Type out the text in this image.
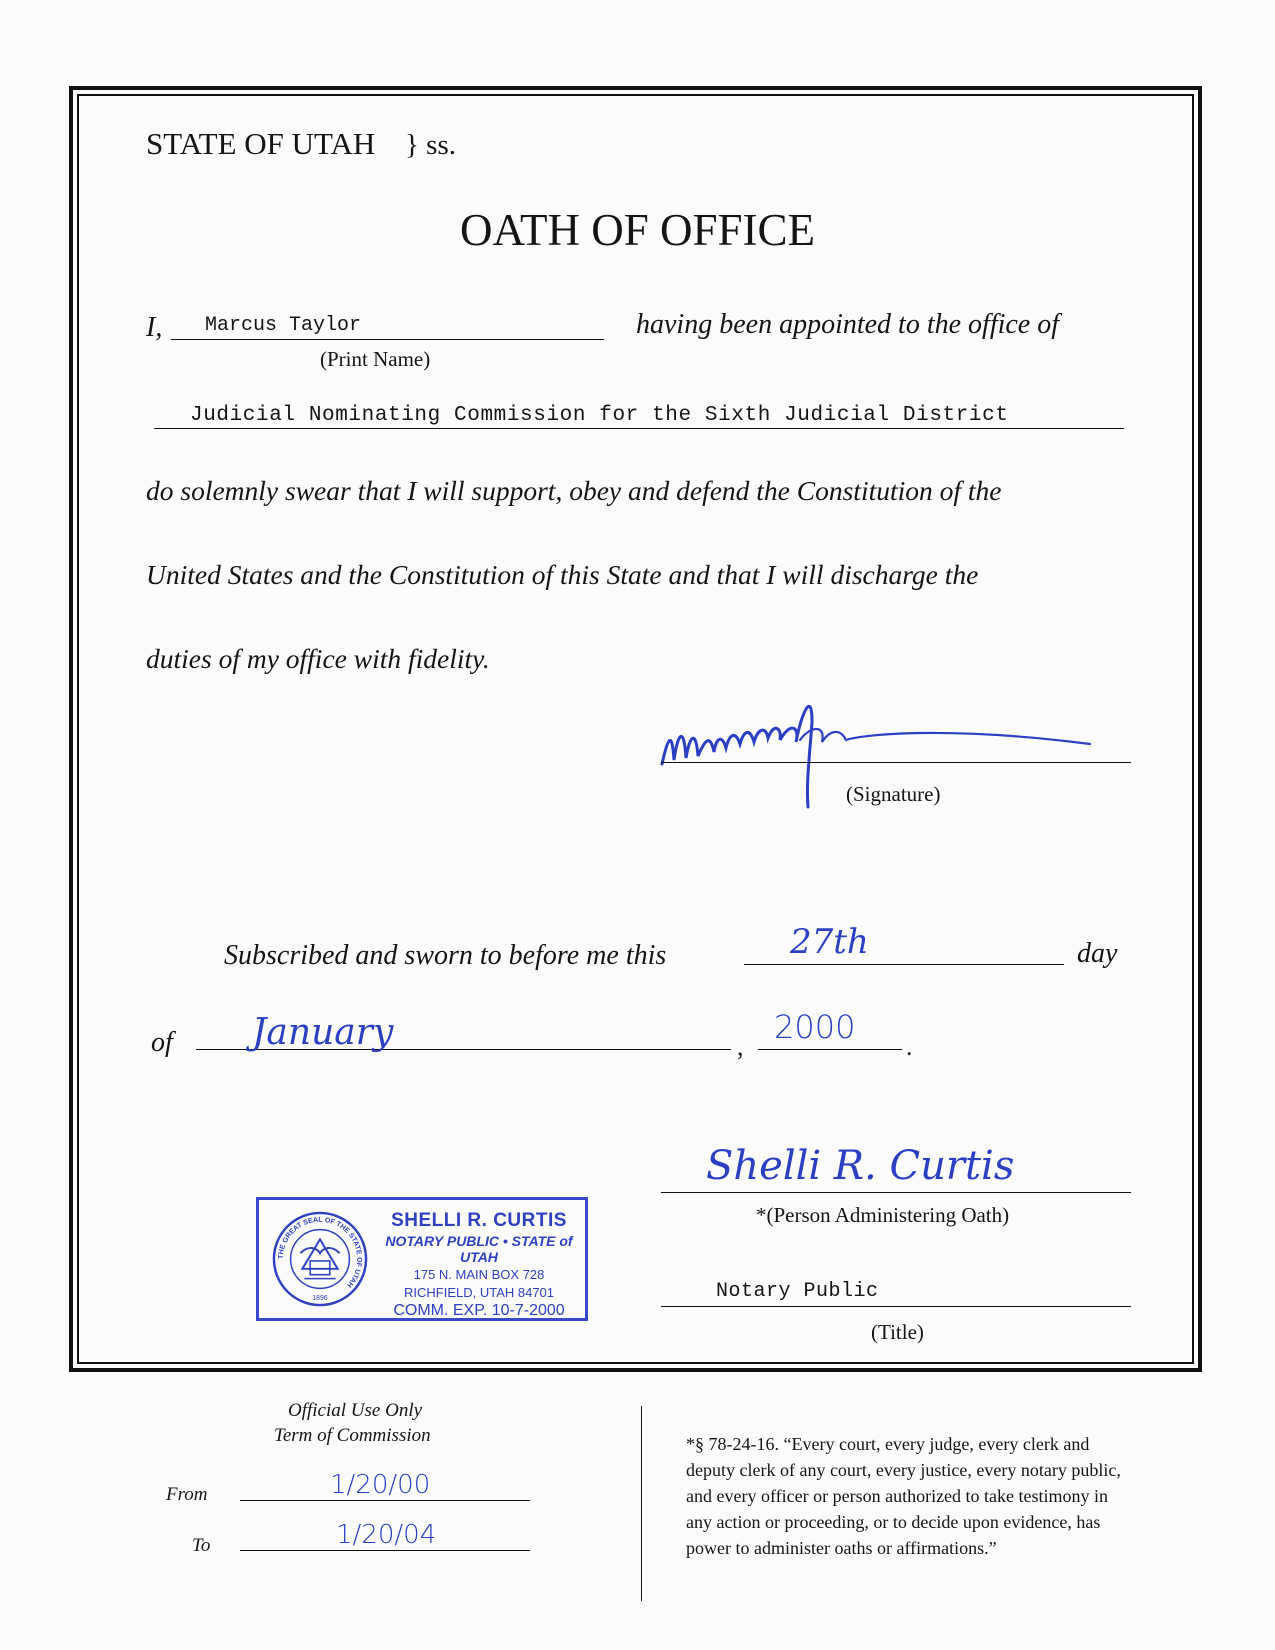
STATE OF UTAH } ss.
OATH OF OFFICE
I, Marcus Taylor
(Print Name)
having been appointed to the office of
Judicial Nominating Commission for the Sixth Judicial District
do solemnly swear that I will support, obey and defend the Constitution of the
United States and the Constitution of this State and that I will discharge the
duties of my office with fidelity.
(Signature)
Subscribed and sworn to before me this	27th	day
of January	,
2000
.
Shelli R. Curtis
*(Person Administering Oath)
Notary Public
(Title)
THE GREAT SEAL OF THE STATE OF UTAH
1896
SHELLI R. CURTIS
NOTARY PUBLIC • STATE of UTAH
175 N. MAIN BOX 728
RICHFIELD, UTAH 84701
COMM. EXP. 10-7-2000
Official Use Only
Term of Commission
From	1/20/00
To	1/20/04
*§ 78-24-16. “Every court, every judge, every clerk and
deputy clerk of any court, every justice, every notary public,
and every officer or person authorized to take testimony in
any action or proceeding, or to decide upon evidence, has
power to administer oaths or affirmations.”
